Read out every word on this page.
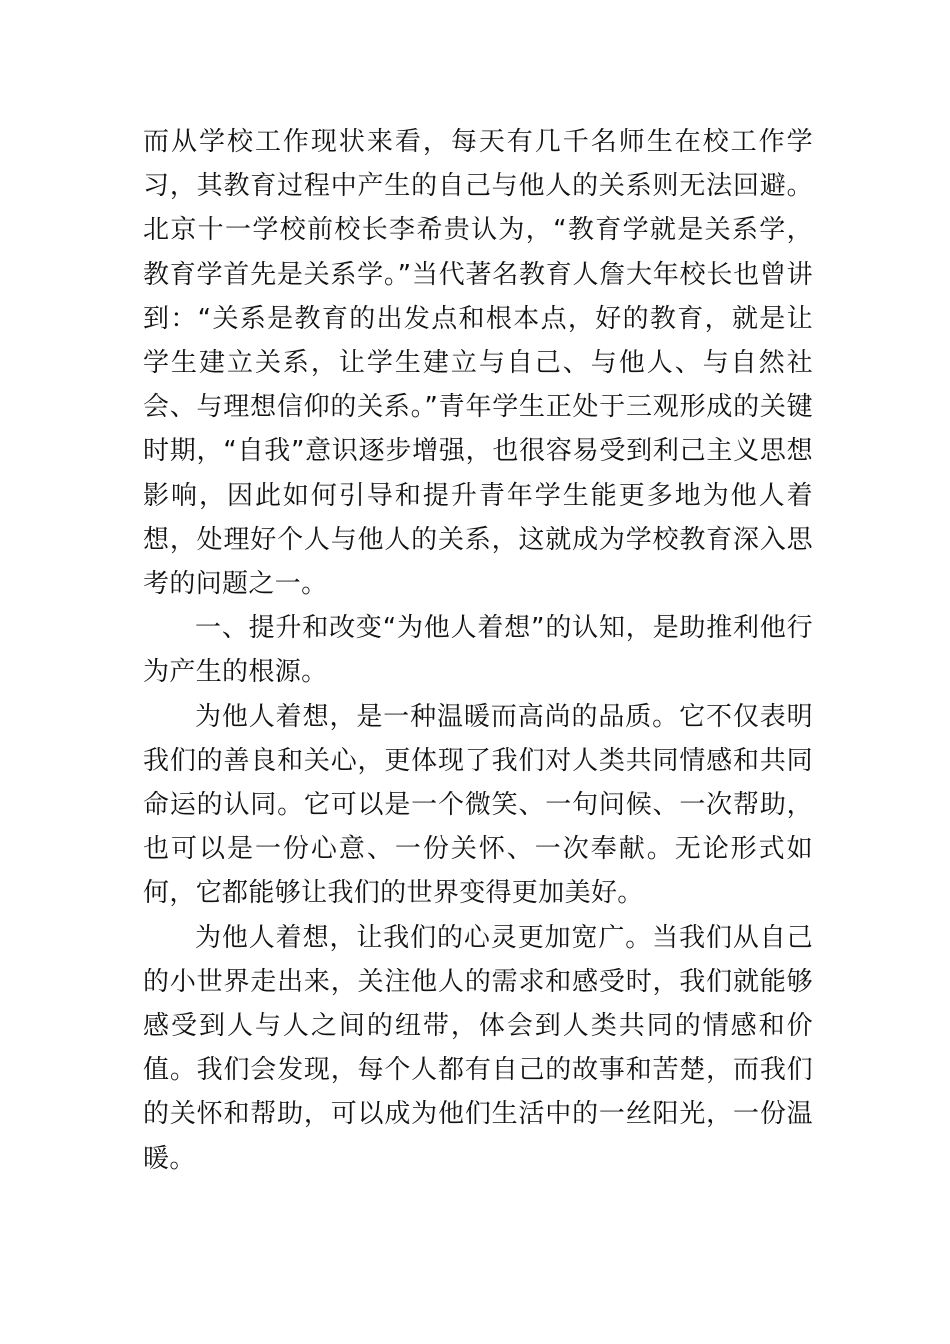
而从学校工作现状来看，每天有几千名师生在校工作学习，其教育过程中产生的自己与他人的关系则无法回避。北京十一学校前校长李希贵认为，“教育学就是关系学，教育学首先是关系学。”当代著名教育人詹大年校长也曾讲到：“关系是教育的出发点和根本点，好的教育，就是让学生建立关系，让学生建立与自己、与他人、与自然社会、与理想信仰的关系。”青年学生正处于三观形成的关键时期，“自我”意识逐步增强，也很容易受到利己主义思想影响，因此如何引导和提升青年学生能更多地为他人着想，处理好个人与他人的关系，这就成为学校教育深入思考的问题之一。

一、提升和改变“为他人着想”的认知，是助推利他行为产生的根源。

为他人着想，是一种温暖而高尚的品质。它不仅表明我们的善良和关心，更体现了我们对人类共同情感和共同命运的认同。它可以是一个微笑、一句问候、一次帮助，也可以是一份心意、一份关怀、一次奉献。无论形式如何，它都能够让我们的世界变得更加美好。

为他人着想，让我们的心灵更加宽广。当我们从自己的小世界走出来，关注他人的需求和感受时，我们就能够感受到人与人之间的纽带，体会到人类共同的情感和价值。我们会发现，每个人都有自己的故事和苦楚，而我们的关怀和帮助，可以成为他们生活中的一丝阳光，一份温暖。
